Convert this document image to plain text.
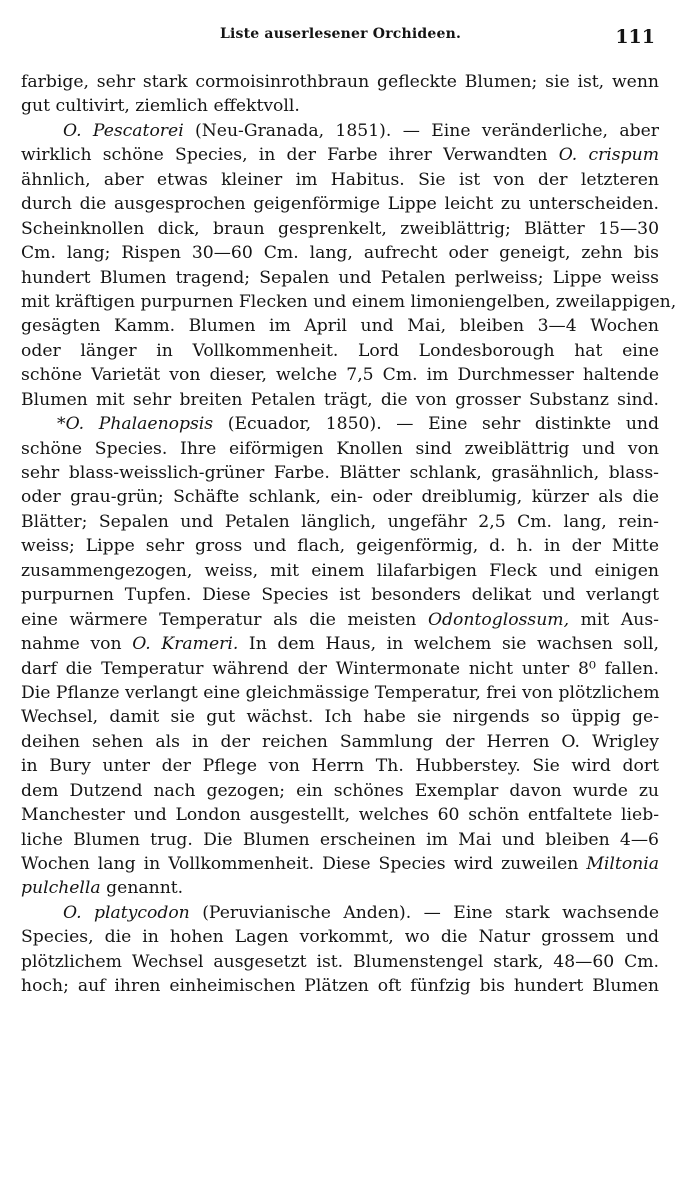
Liste auserlesener Orchideen.	111
farbige, sehr stark cormoisinrothbraun gefleckte Blumen; sie ist, wenn
gut cultivirt, ziemlich effektvoll.
O. Pescatorei (Neu-Granada, 1851). — Eine veränderliche, aber
wirklich schöne Species, in der Farbe ihrer Verwandten O. crispum
ähnlich, aber etwas kleiner im Habitus. Sie ist von der letzteren
durch die ausgesprochen geigenförmige Lippe leicht zu unterscheiden.
Scheinknollen dick, braun gesprenkelt, zweiblättrig; Blätter 15—30
Cm. lang; Rispen 30—60 Cm. lang, aufrecht oder geneigt, zehn bis
hundert Blumen tragend; Sepalen und Petalen perlweiss; Lippe weiss
mit kräftigen purpurnen Flecken und einem limoniengelben, zweilappigen,
gesägten Kamm. Blumen im April und Mai, bleiben 3—4 Wochen
oder länger in Vollkommenheit. Lord Londesborough hat eine
schöne Varietät von dieser, welche 7,5 Cm. im Durchmesser haltende
Blumen mit sehr breiten Petalen trägt, die von grosser Substanz sind.
*O. Phalaenopsis (Ecuador, 1850). — Eine sehr distinkte und
schöne Species. Ihre eiförmigen Knollen sind zweiblättrig und von
sehr blass-weisslich-grüner Farbe. Blätter schlank, grasähnlich, blass-
oder grau-grün; Schäfte schlank, ein- oder dreiblumig, kürzer als die
Blätter; Sepalen und Petalen länglich, ungefähr 2,5 Cm. lang, rein-
weiss; Lippe sehr gross und flach, geigenförmig, d. h. in der Mitte
zusammengezogen, weiss, mit einem lilafarbigen Fleck und einigen
purpurnen Tupfen. Diese Species ist besonders delikat und verlangt
eine wärmere Temperatur als die meisten Odontoglossum, mit Aus-
nahme von O. Krameri. In dem Haus, in welchem sie wachsen soll,
darf die Temperatur während der Wintermonate nicht unter 8⁰ fallen.
Die Pflanze verlangt eine gleichmässige Temperatur, frei von plötzlichem
Wechsel, damit sie gut wächst. Ich habe sie nirgends so üppig ge-
deihen sehen als in der reichen Sammlung der Herren O. Wrigley
in Bury unter der Pflege von Herrn Th. Hubberstey. Sie wird dort
dem Dutzend nach gezogen; ein schönes Exemplar davon wurde zu
Manchester und London ausgestellt, welches 60 schön entfaltete lieb-
liche Blumen trug. Die Blumen erscheinen im Mai und bleiben 4—6
Wochen lang in Vollkommenheit. Diese Species wird zuweilen Miltonia
pulchella genannt.
O. platycodon (Peruvianische Anden). — Eine stark wachsende
Species, die in hohen Lagen vorkommt, wo die Natur grossem und
plötzlichem Wechsel ausgesetzt ist. Blumenstengel stark, 48—60 Cm.
hoch; auf ihren einheimischen Plätzen oft fünfzig bis hundert Blumen
